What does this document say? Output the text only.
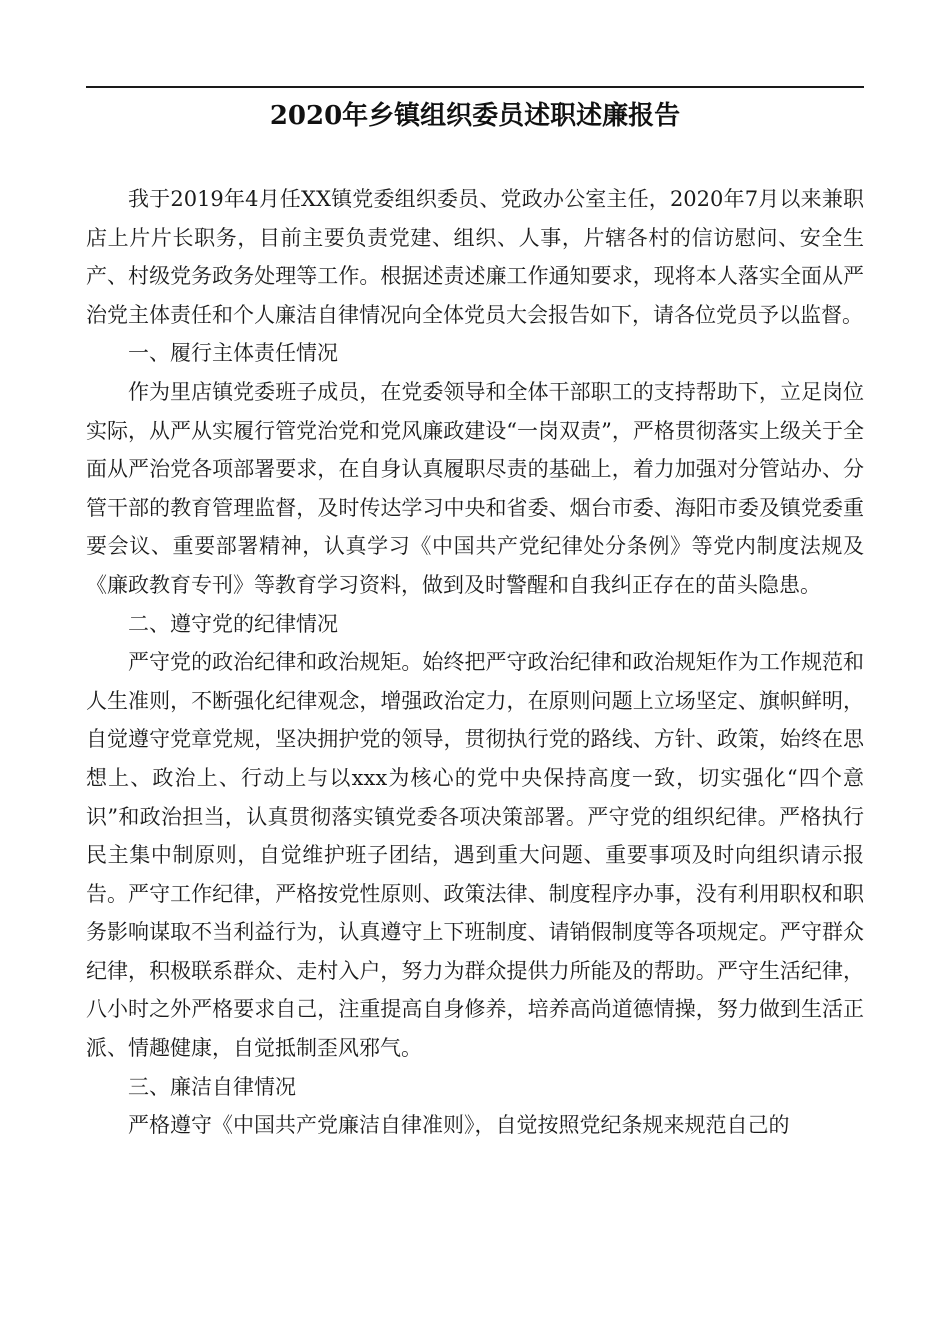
2020年乡镇组织委员述职述廉报告

我于2019年4月任XX镇党委组织委员、党政办公室主任，2020年7月以来兼职店上片片长职务，目前主要负责党建、组织、人事，片辖各村的信访慰问、安全生产、村级党务政务处理等工作。根据述责述廉工作通知要求，现将本人落实全面从严治党主体责任和个人廉洁自律情况向全体党员大会报告如下，请各位党员予以监督。

一、履行主体责任情况

作为里店镇党委班子成员，在党委领导和全体干部职工的支持帮助下，立足岗位实际，从严从实履行管党治党和党风廉政建设“一岗双责”，严格贯彻落实上级关于全面从严治党各项部署要求，在自身认真履职尽责的基础上，着力加强对分管站办、分管干部的教育管理监督，及时传达学习中央和省委、烟台市委、海阳市委及镇党委重要会议、重要部署精神，认真学习《中国共产党纪律处分条例》等党内制度法规及《廉政教育专刊》等教育学习资料，做到及时警醒和自我纠正存在的苗头隐患。

二、遵守党的纪律情况

严守党的政治纪律和政治规矩。始终把严守政治纪律和政治规矩作为工作规范和人生准则，不断强化纪律观念，增强政治定力，在原则问题上立场坚定、旗帜鲜明，自觉遵守党章党规，坚决拥护党的领导，贯彻执行党的路线、方针、政策，始终在思想上、政治上、行动上与以xxx为核心的党中央保持高度一致，切实强化“四个意识”和政治担当，认真贯彻落实镇党委各项决策部署。严守党的组织纪律。严格执行民主集中制原则，自觉维护班子团结，遇到重大问题、重要事项及时向组织请示报告。严守工作纪律，严格按党性原则、政策法律、制度程序办事，没有利用职权和职务影响谋取不当利益行为，认真遵守上下班制度、请销假制度等各项规定。严守群众纪律，积极联系群众、走村入户，努力为群众提供力所能及的帮助。严守生活纪律，八小时之外严格要求自己，注重提高自身修养，培养高尚道德情操，努力做到生活正派、情趣健康，自觉抵制歪风邪气。

三、廉洁自律情况

严格遵守《中国共产党廉洁自律准则》，自觉按照党纪条规来规范自己的
